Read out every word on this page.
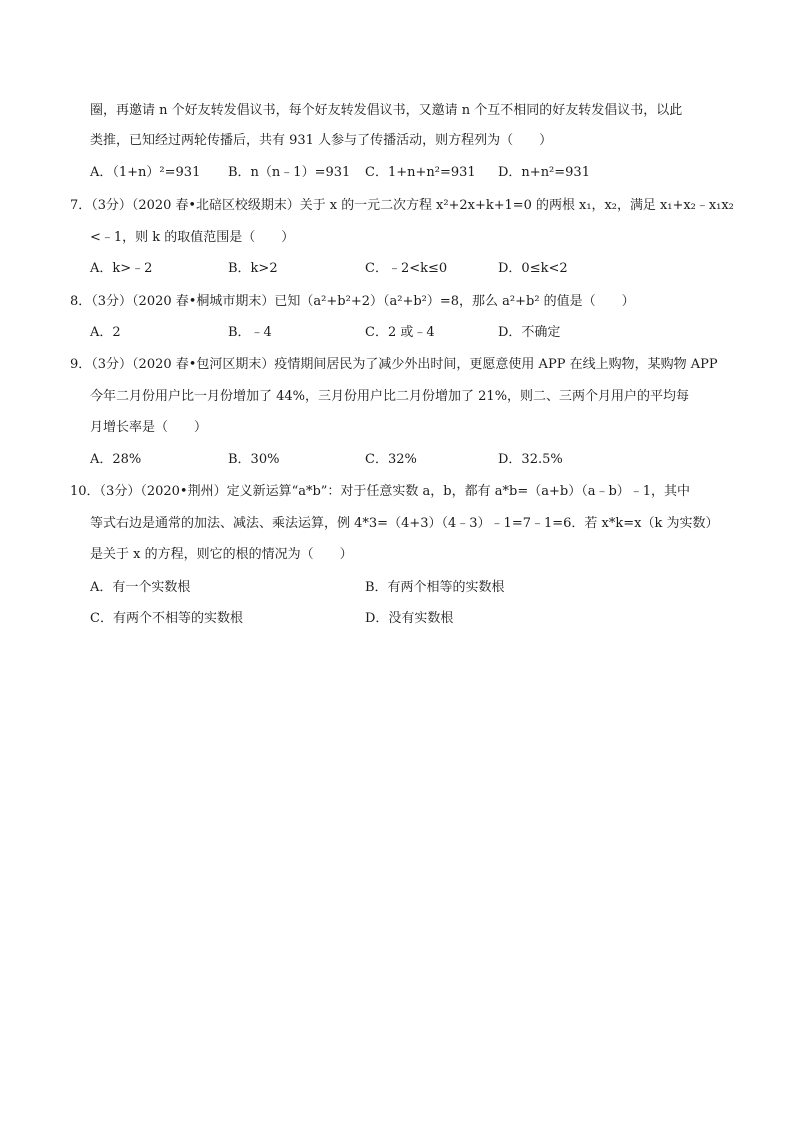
圈，再邀请 n 个好友转发倡议书，每个好友转发倡议书，又邀请 n 个互不相同的好友转发倡议书，以此
类推，已知经过两轮传播后，共有 931 人参与了传播活动，则方程列为（　　）
A．（1+n）²=931 B．n（n﹣1）=931 C．1+n+n²=931 D．n+n²=931
7．（3分）（2020 春•北碚区校级期末）关于 x 的一元二次方程 x²+2x+k+1=0 的两根 x₁，x₂，满足 x₁+x₂﹣x₁x₂
<﹣1，则 k 的取值范围是（　　）
A．k>﹣2	B．k>2	C．﹣2<k≤0	D．0≤k<2
8．（3分）（2020 春•桐城市期末）已知（a²+b²+2）（a²+b²）=8，那么 a²+b² 的值是（　　）
A．2	B．﹣4	C．2 或﹣4	D．不确定
9．（3分）（2020 春•包河区期末）疫情期间居民为了减少外出时间，更愿意使用 APP 在线上购物，某购物 APP
今年二月份用户比一月份增加了 44%，三月份用户比二月份增加了 21%，则二、三两个月用户的平均每
月增长率是（　　）
A．28%	B．30%	C．32%	D．32.5%
10．（3分）（2020•荆州）定义新运算“a*b”：对于任意实数 a，b，都有 a*b=（a+b）（a﹣b）﹣1，其中
等式右边是通常的加法、减法、乘法运算，例 4*3=（4+3）（4﹣3）﹣1=7﹣1=6．若 x*k=x（k 为实数）
是关于 x 的方程，则它的根的情况为（　　）
A．有一个实数根	B．有两个相等的实数根
C．有两个不相等的实数根	D．没有实数根
